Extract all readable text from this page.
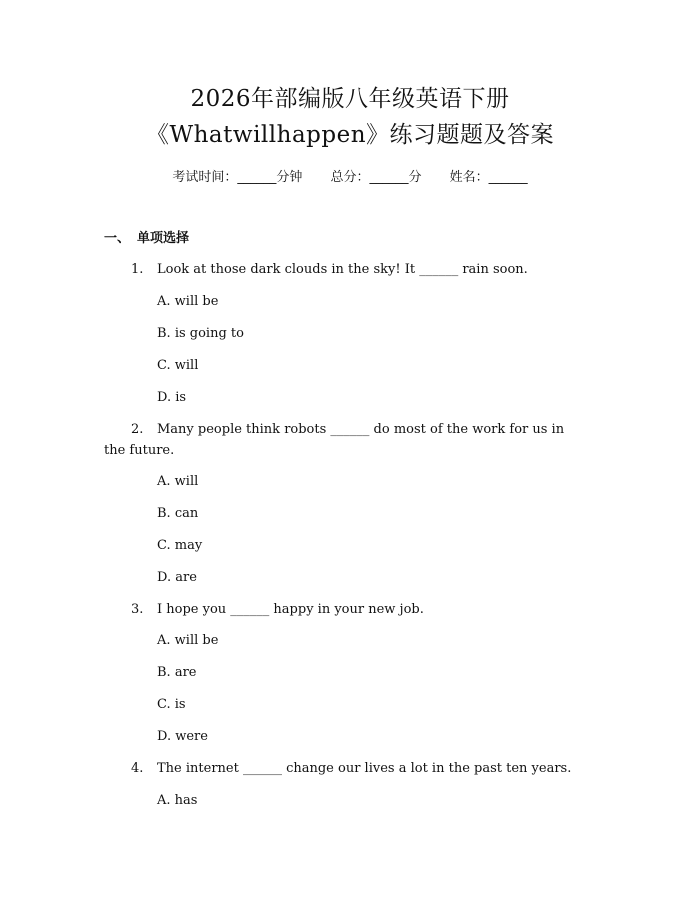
2026年部编版八年级英语下册
《Whatwillhappen》练习题题及答案
考试时间：______分钟 总分：______分 姓名：______
一、 单项选择
1. Look at those dark clouds in the sky! It ______ rain soon.
A. will be
B. is going to
C. will
D. is
2. Many people think robots ______ do most of the work for us in
the future.
A. will
B. can
C. may
D. are
3. I hope you ______ happy in your new job.
A. will be
B. are
C. is
D. were
4. The internet ______ change our lives a lot in the past ten years.
A. has
